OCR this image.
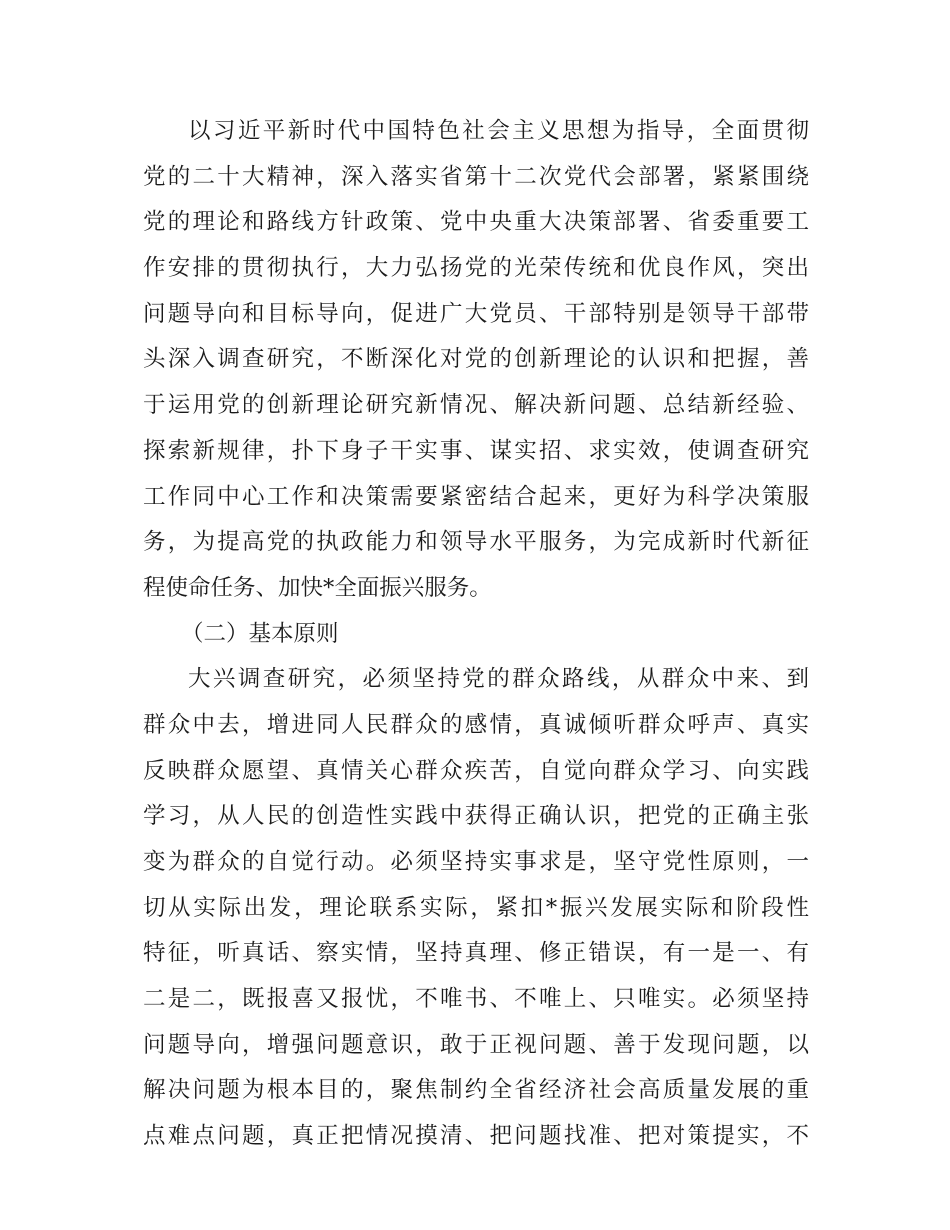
以习近平新时代中国特色社会主义思想为指导，全面贯彻
党的二十大精神，深入落实省第十二次党代会部署，紧紧围绕
党的理论和路线方针政策、党中央重大决策部署、省委重要工
作安排的贯彻执行，大力弘扬党的光荣传统和优良作风，突出
问题导向和目标导向，促进广大党员、干部特别是领导干部带
头深入调查研究，不断深化对党的创新理论的认识和把握，善
于运用党的创新理论研究新情况、解决新问题、总结新经验、
探索新规律，扑下身子干实事、谋实招、求实效，使调查研究
工作同中心工作和决策需要紧密结合起来，更好为科学决策服
务，为提高党的执政能力和领导水平服务，为完成新时代新征
程使命任务、加快*全面振兴服务。
（二）基本原则
大兴调查研究，必须坚持党的群众路线，从群众中来、到
群众中去，增进同人民群众的感情，真诚倾听群众呼声、真实
反映群众愿望、真情关心群众疾苦，自觉向群众学习、向实践
学习，从人民的创造性实践中获得正确认识，把党的正确主张
变为群众的自觉行动。必须坚持实事求是，坚守党性原则，一
切从实际出发，理论联系实际，紧扣*振兴发展实际和阶段性
特征，听真话、察实情，坚持真理、修正错误，有一是一、有
二是二，既报喜又报忧，不唯书、不唯上、只唯实。必须坚持
问题导向，增强问题意识，敢于正视问题、善于发现问题，以
解决问题为根本目的，聚焦制约全省经济社会高质量发展的重
点难点问题，真正把情况摸清、把问题找准、把对策提实，不
